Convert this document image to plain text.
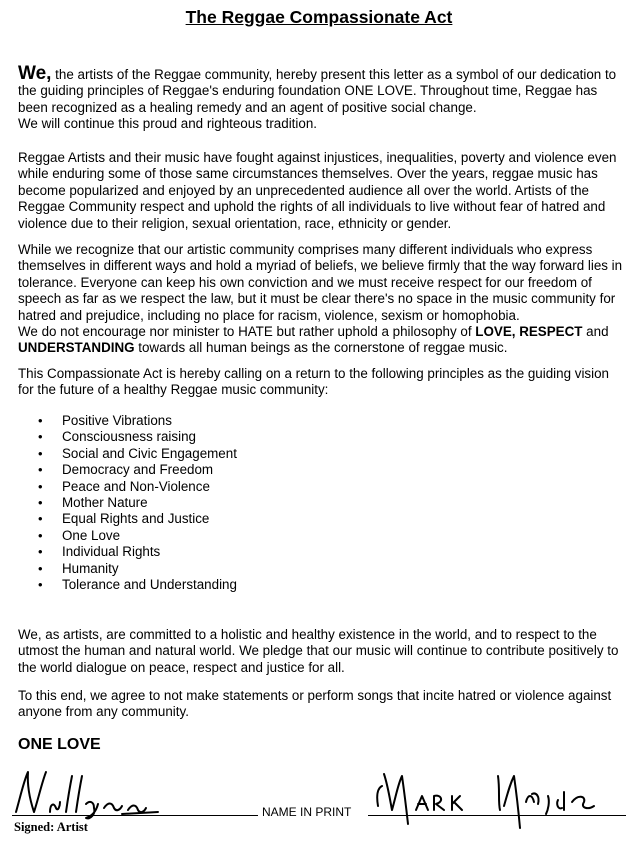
The Reggae Compassionate Act

We, the artists of the Reggae community, hereby present this letter as a symbol of our dedication to
the guiding principles of Reggae's enduring foundation ONE LOVE. Throughout time, Reggae has
been recognized as a healing remedy and an agent of positive social change.
We will continue this proud and righteous tradition.

Reggae Artists and their music have fought against injustices, inequalities, poverty and violence even
while enduring some of those same circumstances themselves. Over the years, reggae music has
become popularized and enjoyed by an unprecedented audience all over the world. Artists of the
Reggae Community respect and uphold the rights of all individuals to live without fear of hatred and
violence due to their religion, sexual orientation, race, ethnicity or gender.

While we recognize that our artistic community comprises many different individuals who express
themselves in different ways and hold a myriad of beliefs, we believe firmly that the way forward lies in
tolerance. Everyone can keep his own conviction and we must receive respect for our freedom of
speech as far as we respect the law, but it must be clear there's no space in the music community for
hatred and prejudice, including no place for racism, violence, sexism or homophobia.
We do not encourage nor minister to HATE but rather uphold a philosophy of LOVE, RESPECT and
UNDERSTANDING towards all human beings as the cornerstone of reggae music.

This Compassionate Act is hereby calling on a return to the following principles as the guiding vision
for the future of a healthy Reggae music community:

• Positive Vibrations
• Consciousness raising
• Social and Civic Engagement
• Democracy and Freedom
• Peace and Non-Violence
• Mother Nature
• Equal Rights and Justice
• One Love
• Individual Rights
• Humanity
• Tolerance and Understanding

We, as artists, are committed to a holistic and healthy existence in the world, and to respect to the
utmost the human and natural world. We pledge that our music will continue to contribute positively to
the world dialogue on peace, respect and justice for all.

To this end, we agree to not make statements or perform songs that incite hatred or violence against
anyone from any community.

ONE LOVE
NAME IN PRINT
Signed: Artist
